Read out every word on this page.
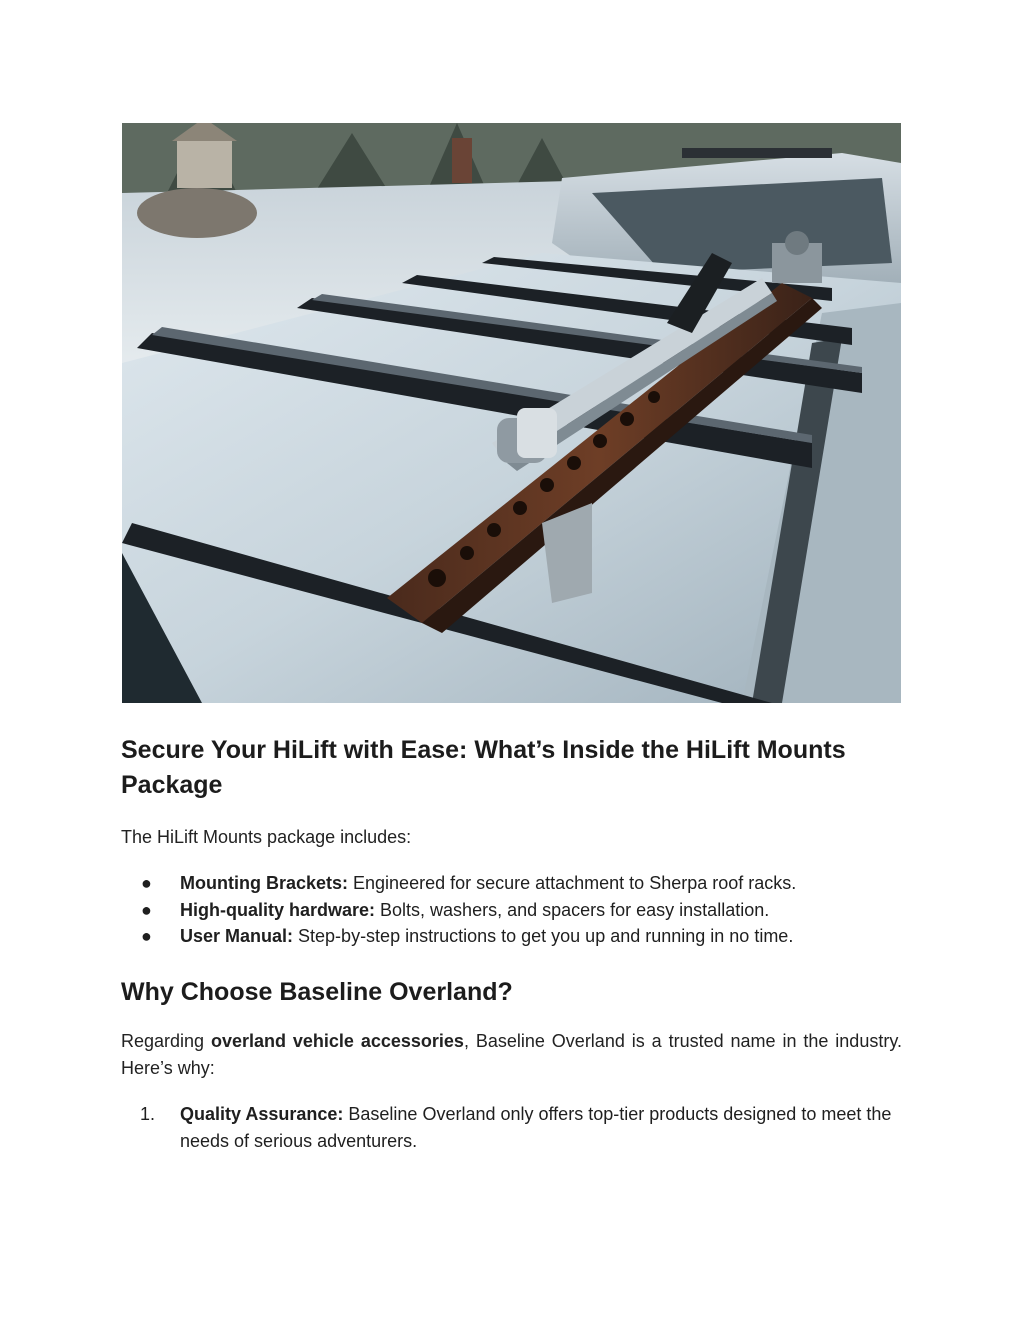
Secure Your HiLift with Ease: What’s Inside the HiLift Mounts Package

The HiLift Mounts package includes:

● Mounting Brackets: Engineered for secure attachment to Sherpa roof racks.
● High-quality hardware: Bolts, washers, and spacers for easy installation.
● User Manual: Step-by-step instructions to get you up and running in no time.
Why Choose Baseline Overland?

Regarding overland vehicle accessories, Baseline Overland is a trusted name in the industry. Here’s why:

1. Quality Assurance: Baseline Overland only offers top-tier products designed to meet the needs of serious adventurers.
